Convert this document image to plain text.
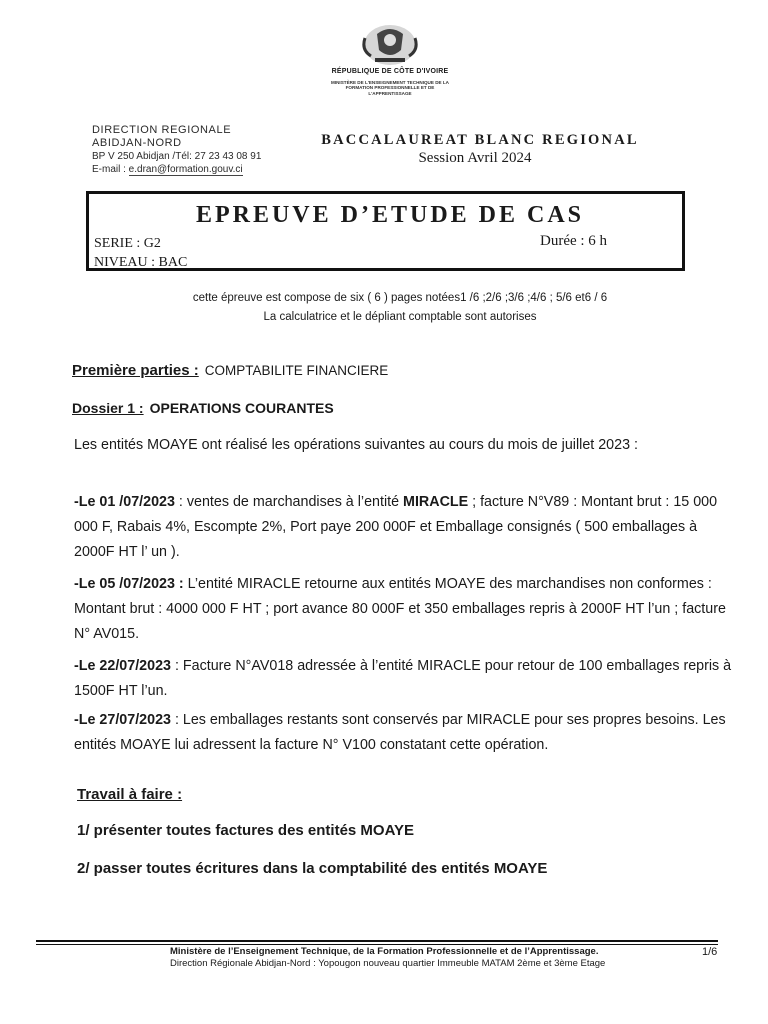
RÉPUBLIQUE DE CÔTE D'IVOIRE
MINISTÈRE DE L'ENSEIGNEMENT TECHNIQUE DE LA FORMATION PROFESSIONNELLE ET DE L'APPRENTISSAGE
DIRECTION REGIONALE
ABIDJAN-NORD
BP V 250 Abidjan /Tél: 27 23 43 08 91
E-mail : e.dran@formation.gouv.ci
BACCALAUREAT BLANC REGIONAL
Session Avril 2024
EPREUVE D’ETUDE DE CAS
SERIE : G2
NIVEAU : BAC
Durée : 6 h
cette épreuve est compose de six ( 6 ) pages notées1 /6 ;2/6 ;3/6 ;4/6 ; 5/6 et6 / 6
La calculatrice et le dépliant comptable sont autorises
Première parties : COMPTABILITE FINANCIERE
Dossier 1 : OPERATIONS COURANTES
Les entités MOAYE ont réalisé les opérations suivantes au cours du mois de juillet 2023 :
-Le 01 /07/2023 : ventes de marchandises à l’entité MIRACLE ; facture N°V89 : Montant brut : 15 000 000 F, Rabais 4%, Escompte 2%, Port paye 200 000F et Emballage consignés ( 500 emballages à 2000F HT l’ un ).
-Le 05 /07/2023 : L’entité MIRACLE retourne aux entités MOAYE des marchandises non conformes : Montant brut : 4000 000 F HT ; port avance 80 000F et 350 emballages repris à 2000F HT l’un ; facture N° AV015.
-Le 22/07/2023 : Facture N°AV018 adressée à l’entité MIRACLE pour retour de 100 emballages repris à 1500F HT l’un.
-Le 27/07/2023 : Les emballages restants sont conservés par MIRACLE pour ses propres besoins. Les entités MOAYE lui adressent la facture N° V100 constatant cette opération.
Travail à faire :
1/ présenter toutes factures des entités MOAYE
2/ passer toutes écritures dans la comptabilité des entités MOAYE
Ministère de l’Enseignement Technique, de la Formation Professionnelle et de l’Apprentissage.
Direction Régionale Abidjan-Nord : Yopougon nouveau quartier Immeuble MATAM 2ème et 3ème Etage
1/6
